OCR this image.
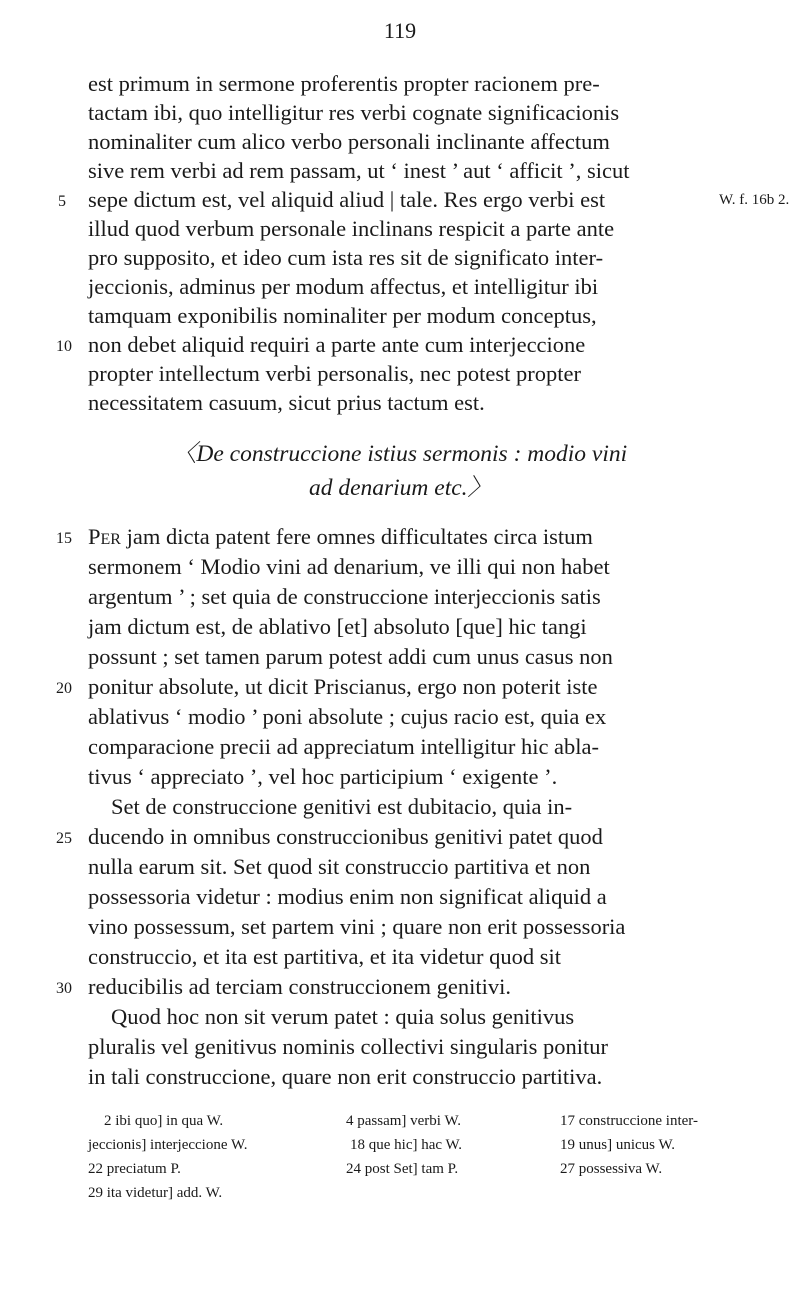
119
est primum in sermone proferentis propter racionem pre-
tactam ibi, quo intelligitur res verbi cognate significacionis
nominaliter cum alico verbo personali inclinante affectum
sive rem verbi ad rem passam, ut ‘ inest ’ aut ‘ afficit ’, sicut
sepe dictum est, vel aliquid aliud | tale. Res ergo verbi est
illud quod verbum personale inclinans respicit a parte ante
pro supposito, et ideo cum ista res sit de significato inter-
jeccionis, adminus per modum affectus, et intelligitur ibi
tamquam exponibilis nominaliter per modum conceptus,
non debet aliquid requiri a parte ante cum interjeccione
propter intellectum verbi personalis, nec potest propter
necessitatem casuum, sicut prius tactum est.
W. f. 16b 2.
〈De construccione istius sermonis : modio vini
ad denarium etc.〉
Per jam dicta patent fere omnes difficultates circa istum
sermonem ‘ Modio vini ad denarium, ve illi qui non habet
argentum ’ ; set quia de construccione interjeccionis satis
jam dictum est, de ablativo [et] absoluto [que] hic tangi
possunt ; set tamen parum potest addi cum unus casus non
ponitur absolute, ut dicit Priscianus, ergo non poterit iste
ablativus ‘ modio ’ poni absolute ; cujus racio est, quia ex
comparacione precii ad appreciatum intelligitur hic abla-
tivus ‘ appreciato ’, vel hoc participium ‘ exigente ’.
Set de construccione genitivi est dubitacio, quia in-
ducendo in omnibus construccionibus genitivi patet quod
nulla earum sit. Set quod sit construccio partitiva et non
possessoria videtur : modius enim non significat aliquid a
vino possessum, set partem vini ; quare non erit possessoria
construccio, et ita est partitiva, et ita videtur quod sit
reducibilis ad terciam construccionem genitivi.
Quod hoc non sit verum patet : quia solus genitivus
pluralis vel genitivus nominis collectivi singularis ponitur
in tali construccione, quare non erit construccio partitiva.
5
10
15
20
25
30
2 ibi quo] in qua W.	4 passam] verbi W.	17 construccione inter-
jeccionis] interjeccione W.	18 que hic] hac W.	19 unus] unicus W.
22 preciatum P.	24 post Set] tam P.	27 possessiva W.
29 ita videtur] add. W.
